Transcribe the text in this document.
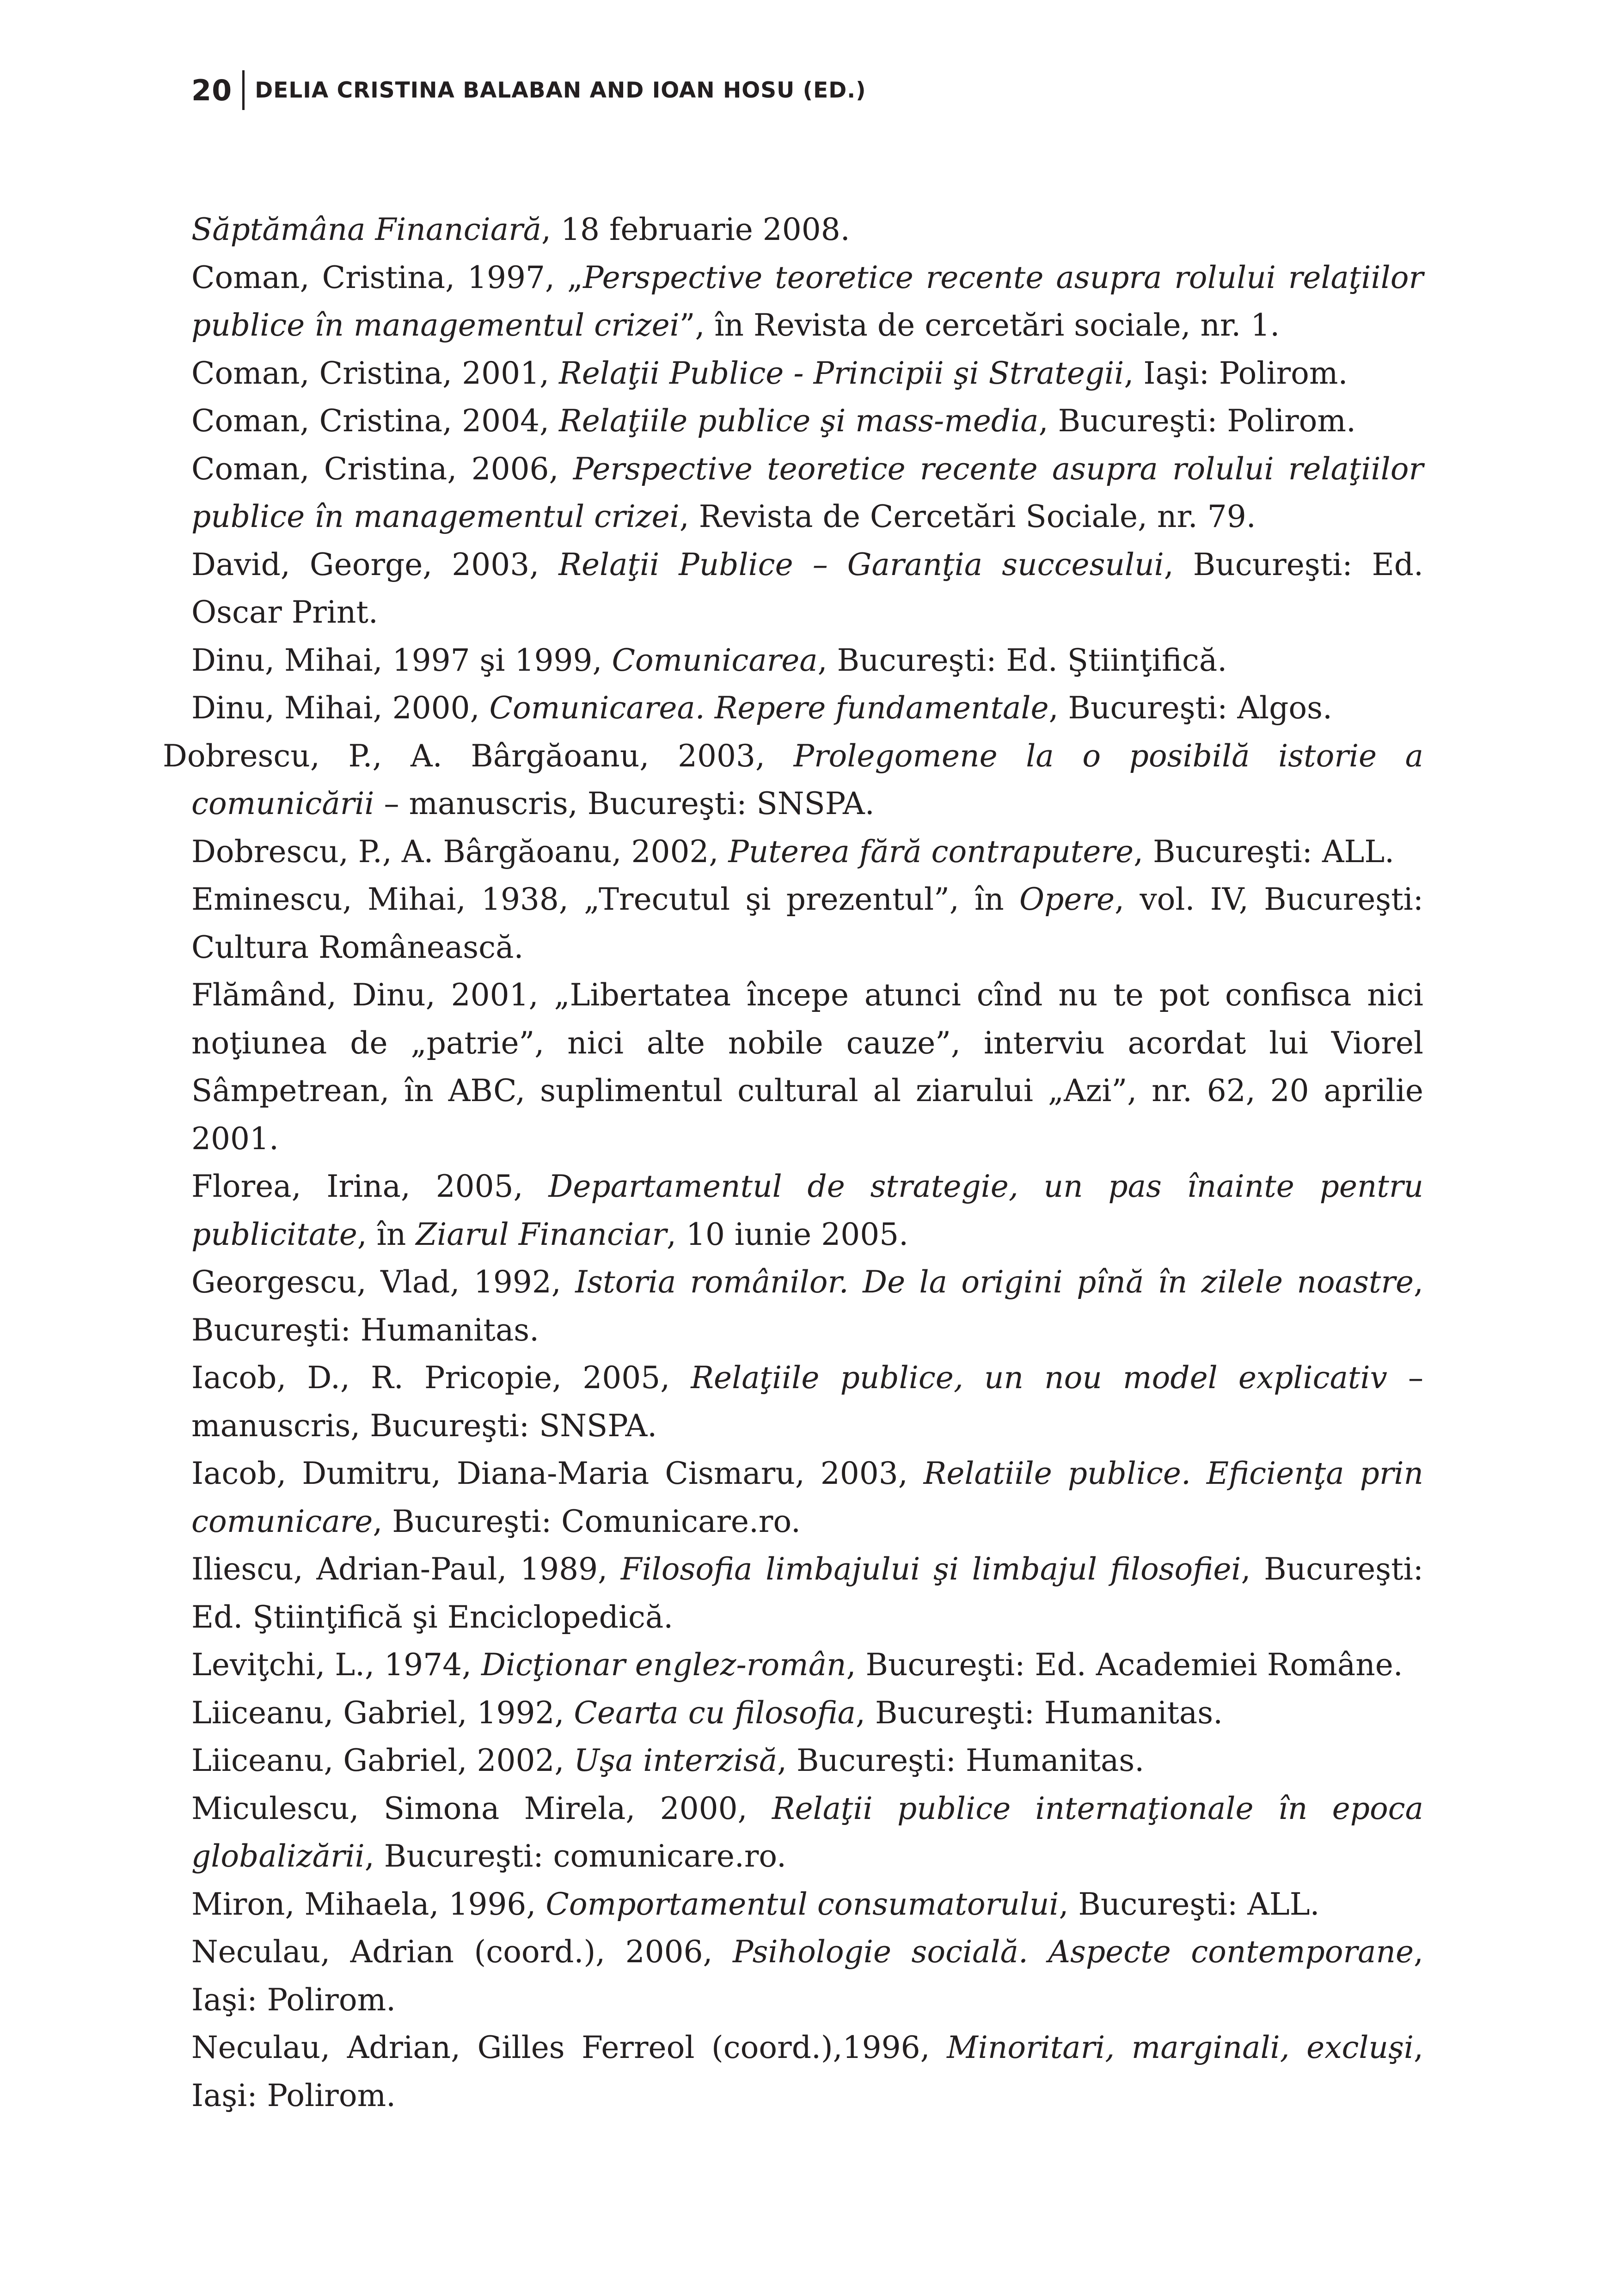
20 DELIA CRISTINA BALABAN AND IOAN HOSU (ED.)

Săptămâna Financiară, 18 februarie 2008.

Coman, Cristina, 1997, „Perspective teoretice recente asupra rolului relaţiilor publice în managementul crizei”, în Revista de cercetări sociale, nr. 1.

Coman, Cristina, 2001, Relaţii Publice - Principii şi Strategii, Iaşi: Polirom.

Coman, Cristina, 2004, Relaţiile publice şi mass-media, Bucureşti: Polirom.

Coman, Cristina, 2006, Perspective teoretice recente asupra rolului relaţiilor publice în managementul crizei, Revista de Cercetări Sociale, nr. 79.

David, George, 2003, Relaţii Publice – Garanţia succesului, Bucureşti: Ed. Oscar Print.

Dinu, Mihai, 1997 şi 1999, Comunicarea, Bucureşti: Ed. Ştiinţifică.

Dinu, Mihai, 2000, Comunicarea. Repere fundamentale, Bucureşti: Algos.

Dobrescu, P., A. Bârgăoanu, 2003, Prolegomene la o posibilă istorie a comunicării – manuscris, Bucureşti: SNSPA.

Dobrescu, P., A. Bârgăoanu, 2002, Puterea fără contraputere, Bucureşti: ALL.

Eminescu, Mihai, 1938, „Trecutul şi prezentul”, în Opere, vol. IV, Bucureşti: Cultura Românească.

Flămând, Dinu, 2001, „Libertatea începe atunci cînd nu te pot confisca nici noţiunea de „patrie”, nici alte nobile cauze”, interviu acordat lui Viorel Sâmpetrean, în ABC, suplimentul cultural al ziarului „Azi”, nr. 62, 20 aprilie 2001.

Florea, Irina, 2005, Departamentul de strategie, un pas înainte pentru publicitate, în Ziarul Financiar, 10 iunie 2005.

Georgescu, Vlad, 1992, Istoria românilor. De la origini pînă în zilele noastre, Bucureşti: Humanitas.

Iacob, D., R. Pricopie, 2005, Relaţiile publice, un nou model explicativ – manuscris, Bucureşti: SNSPA.

Iacob, Dumitru, Diana-Maria Cismaru, 2003, Relatiile publice. Eficienţa prin comunicare, Bucureşti: Comunicare.ro.

Iliescu, Adrian-Paul, 1989, Filosofia limbajului şi limbajul filosofiei, Bucureşti: Ed. Ştiinţifică şi Enciclopedică.

Leviţchi, L., 1974, Dicţionar englez-român, Bucureşti: Ed. Academiei Române.

Liiceanu, Gabriel, 1992, Cearta cu filosofia, Bucureşti: Humanitas.

Liiceanu, Gabriel, 2002, Uşa interzisă, Bucureşti: Humanitas.

Miculescu, Simona Mirela, 2000, Relaţii publice internaţionale în epoca globalizării, Bucureşti: comunicare.ro.

Miron, Mihaela, 1996, Comportamentul consumatorului, Bucureşti: ALL.

Neculau, Adrian (coord.), 2006, Psihologie socială. Aspecte contemporane, Iaşi: Polirom.

Neculau, Adrian, Gilles Ferreol (coord.),1996, Minoritari, marginali, excluşi, Iaşi: Polirom.
